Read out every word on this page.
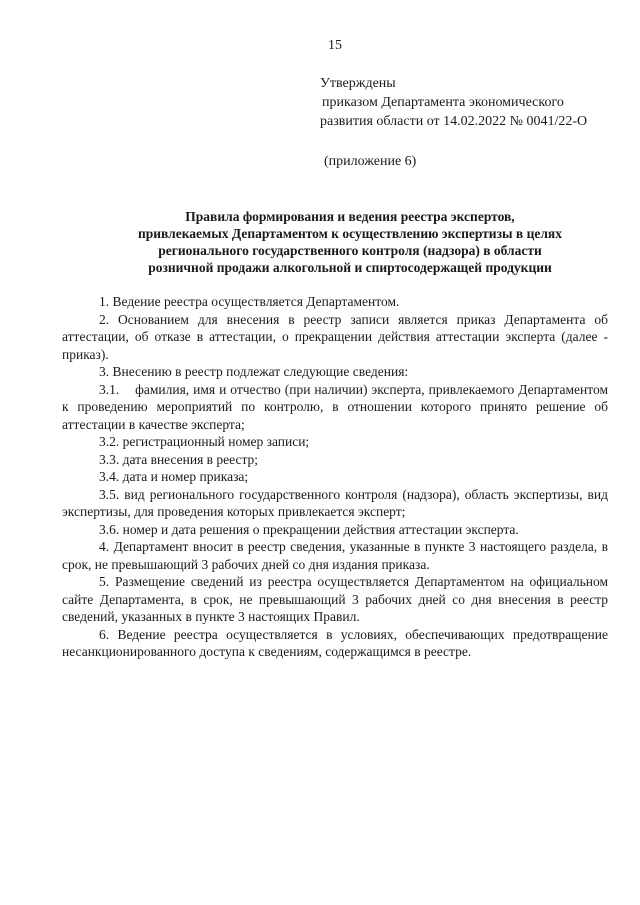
15
Утверждены
приказом Департамента экономического
развития области от 14.02.2022 № 0041/22-О
(приложение 6)
Правила формирования и ведения реестра экспертов,
привлекаемых Департаментом к осуществлению экспертизы в целях
регионального государственного контроля (надзора) в области
розничной продажи алкогольной и спиртосодержащей продукции

1. Ведение реестра осуществляется Департаментом.

2. Основанием для внесения в реестр записи является приказ Департамента об аттестации, об отказе в аттестации, о прекращении действия аттестации эксперта (далее - приказ).

3. Внесению в реестр подлежат следующие сведения:

3.1.    фамилия, имя и отчество (при наличии) эксперта, привлекаемого Департаментом к проведению мероприятий по контролю, в отношении которого принято решение об аттестации в качестве эксперта;

3.2. регистрационный номер записи;

3.3. дата внесения в реестр;

3.4. дата и номер приказа;

3.5. вид регионального государственного контроля (надзора), область экспертизы, вид экспертизы, для проведения которых привлекается эксперт;

3.6. номер и дата решения о прекращении действия аттестации эксперта.

4. Департамент вносит в реестр сведения, указанные в пункте 3 настоящего раздела, в срок, не превышающий 3 рабочих дней со дня издания приказа.

5. Размещение сведений из реестра осуществляется Департаментом на официальном сайте Департамента, в срок, не превышающий 3 рабочих дней со дня внесения в реестр сведений, указанных в пункте 3 настоящих Правил.

6. Ведение реестра осуществляется в условиях, обеспечивающих предотвращение несанкционированного доступа к сведениям, содержащимся в реестре.
